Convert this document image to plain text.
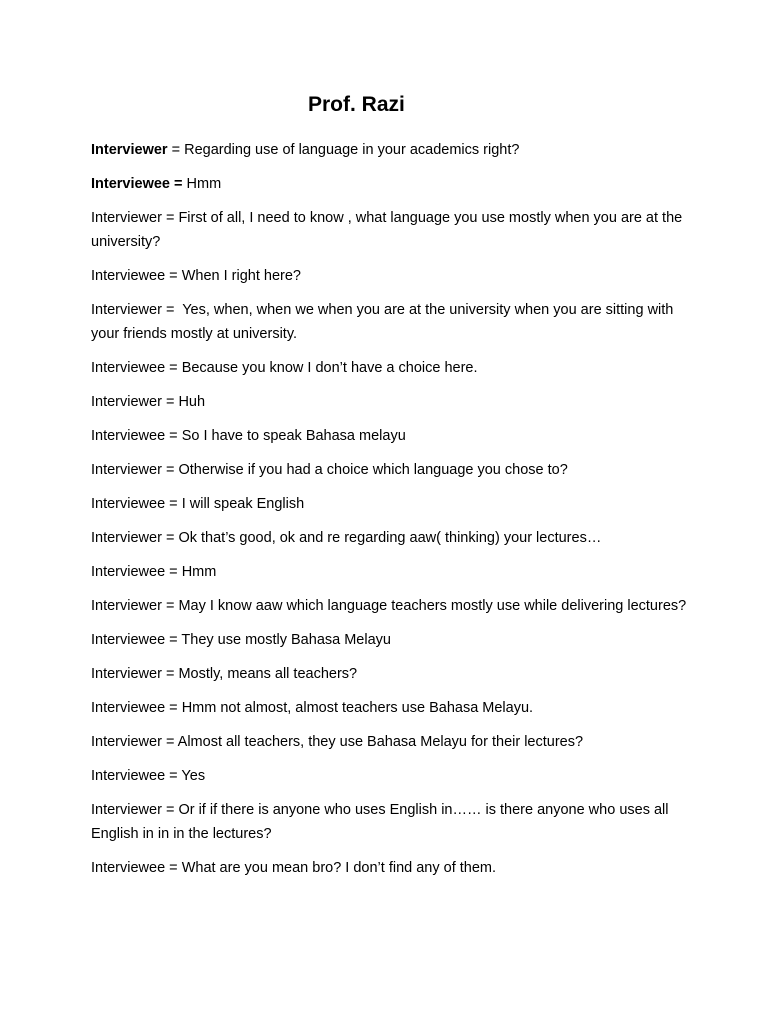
Prof. Razi

Interviewer = Regarding use of language in your academics right?

Interviewee = Hmm

Interviewer = First of all, I need to know , what language you use mostly when you are at the university?

Interviewee = When I right here?

Interviewer =  Yes, when, when we when you are at the university when you are sitting with your friends mostly at university.

Interviewee = Because you know I don’t have a choice here.

Interviewer = Huh

Interviewee = So I have to speak Bahasa melayu

Interviewer = Otherwise if you had a choice which language you chose to?

Interviewee = I will speak English

Interviewer = Ok that’s good, ok and re regarding aaw( thinking) your lectures…

Interviewee = Hmm

Interviewer = May I know aaw which language teachers mostly use while delivering lectures?

Interviewee = They use mostly Bahasa Melayu

Interviewer = Mostly, means all teachers?

Interviewee = Hmm not almost, almost teachers use Bahasa Melayu.

Interviewer = Almost all teachers, they use Bahasa Melayu for their lectures?

Interviewee = Yes

Interviewer = Or if if there is anyone who uses English in…… is there anyone who uses all English in in in the lectures?

Interviewee = What are you mean bro? I don’t find any of them.
